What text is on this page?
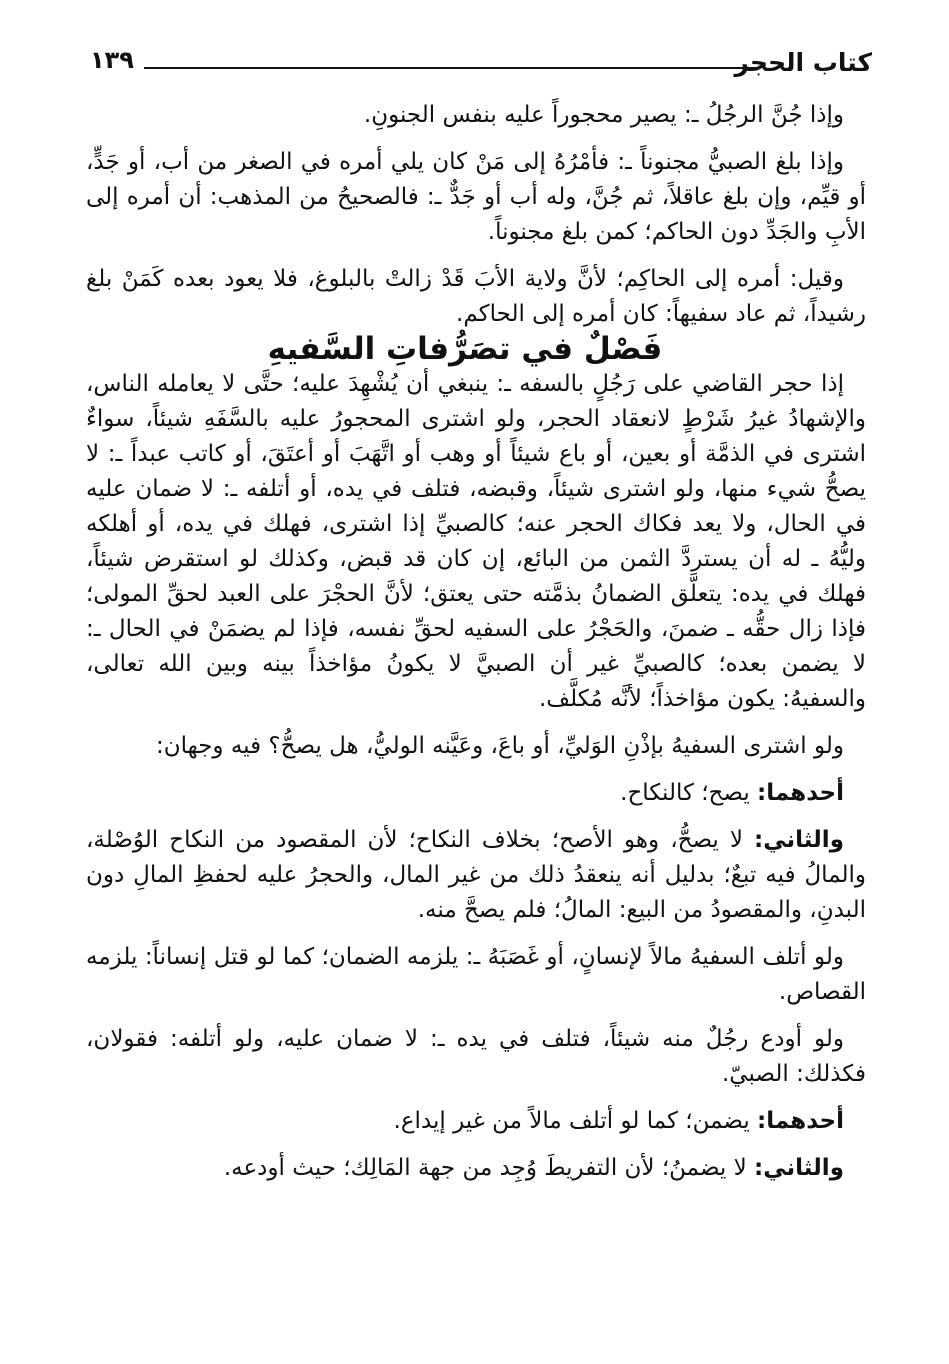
١٣٩	كتاب الحجر

وإذا جُنَّ الرجُلُ ـ: يصير محجوراً عليه بنفس الجنونِ.

وإذا بلغ الصبيُّ مجنوناً ـ: فأمْرُهُ إلى مَنْ كان يلي أمره في الصغر من أب، أو جَدٍّ، أو قيِّم، وإن بلغ عاقلاً، ثم جُنَّ، وله أب أو جَدٌّ ـ: فالصحيحُ من المذهب: أن أمره إلى الأبِ والجَدِّ دون الحاكم؛ كمن بلغ مجنوناً.

وقيل: أمره إلى الحاكِم؛ لأنَّ ولاية الأبَ قَدْ زالتْ بالبلوغ، فلا يعود بعده كَمَنْ بلغ رشيداً، ثم عاد سفيهاً: كان أمره إلى الحاكم.

فَصْلٌ في تصَرُّفاتِ السَّفيهِ

إذا حجر القاضي على رَجُلٍ بالسفه ـ: ينبغي أن يُشْهِدَ عليه؛ حتَّى لا يعامله الناس، والإشهادُ غيرُ شَرْطٍ لانعقاد الحجر، ولو اشترى المحجورُ عليه بالسَّفَهِ شيئاً، سواءٌ اشترى في الذمَّة أو بعين، أو باع شيئاً أو وهب أو اتَّهَبَ أو أعتَقَ، أو كاتب عبداً ـ: لا يصحُّ شيء منها، ولو اشترى شيئاً، وقبضه، فتلف في يده، أو أتلفه ـ: لا ضمان عليه في الحال، ولا يعد فكاك الحجر عنه؛ كالصبيِّ إذا اشترى، فهلك في يده، أو أهلكه وليُّهُ ـ له أن يستردَّ الثمن من البائع، إن كان قد قبض، وكذلك لو استقرض شيئاً، فهلك في يده: يتعلَّق الضمانُ بذمَّته حتى يعتق؛ لأنَّ الحجْرَ على العبد لحقِّ المولى؛ فإذا زال حقُّه ـ ضمنَ، والحَجْرُ على السفيه لحقِّ نفسه، فإذا لم يضمَنْ في الحال ـ: لا يضمن بعده؛ كالصبيِّ غير أن الصبيَّ لا يكونُ مؤاخذاً بينه وبين الله تعالى، والسفيهُ: يكون مؤاخذاً؛ لأنَّه مُكلَّف.

ولو اشترى السفيهُ بإذْنِ الوَليِّ، أو باعَ، وعَيَّنه الوليُّ، هل يصحُّ؟ فيه وجهان:

أحدهما: يصح؛ كالنكاح.

والثاني: لا يصحُّ، وهو الأصح؛ بخلاف النكاح؛ لأن المقصود من النكاح الوُصْلة، والمالُ فيه تبعٌ؛ بدليل أنه ينعقدُ ذلك من غير المال، والحجرُ عليه لحفظِ المالِ دون البدنِ، والمقصودُ من البيع: المالُ؛ فلم يصحَّ منه.

ولو أتلف السفيهُ مالاً لإنسانٍ، أو غَصَبَهُ ـ: يلزمه الضمان؛ كما لو قتل إنساناً: يلزمه القصاص.

ولو أودع رجُلٌ منه شيئاً، فتلف في يده ـ: لا ضمان عليه، ولو أتلفه: فقولان، فكذلك: الصبيّ.

أحدهما: يضمن؛ كما لو أتلف مالاً من غير إيداع.

والثاني: لا يضمنُ؛ لأن التفريطَ وُجِد من جهة المَالِك؛ حيث أودعه.
